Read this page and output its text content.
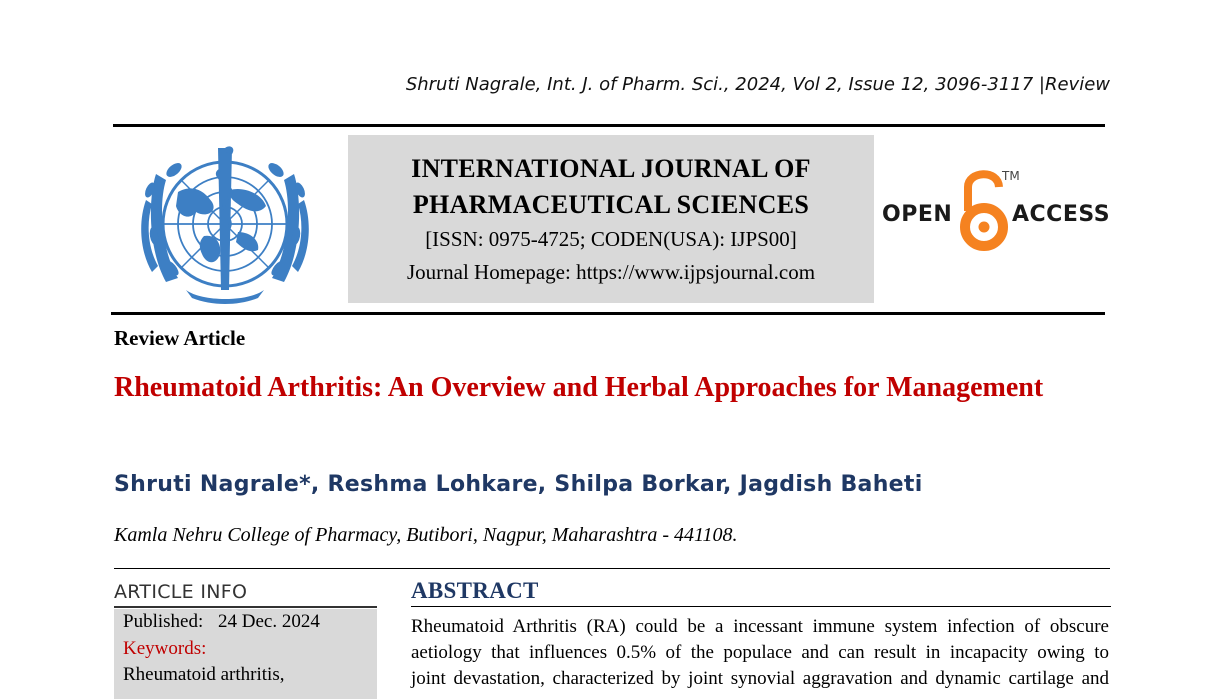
Shruti Nagrale, Int. J. of Pharm. Sci., 2024, Vol 2, Issue 12, 3096-3117 |Review
INTERNATIONAL JOURNAL OF
PHARMACEUTICAL SCIENCES
[ISSN: 0975-4725; CODEN(USA): IJPS00]
Journal Homepage: https://www.ijpsjournal.com
OPEN
TM
ACCESS
Review Article
Rheumatoid Arthritis: An Overview and Herbal Approaches for Management
Shruti Nagrale*, Reshma Lohkare, Shilpa Borkar, Jagdish Baheti
Kamla Nehru College of Pharmacy, Butibori, Nagpur, Maharashtra - 441108.
ARTICLE INFO
Published: 24 Dec. 2024
Keywords:
Rheumatoid arthritis,
ABSTRACT

Rheumatoid Arthritis (RA) could be a incessant immune system infection of obscure

aetiology that influences 0.5% of the populace and can result in incapacity owing to

joint devastation, characterized by joint synovial aggravation and dynamic cartilage and
